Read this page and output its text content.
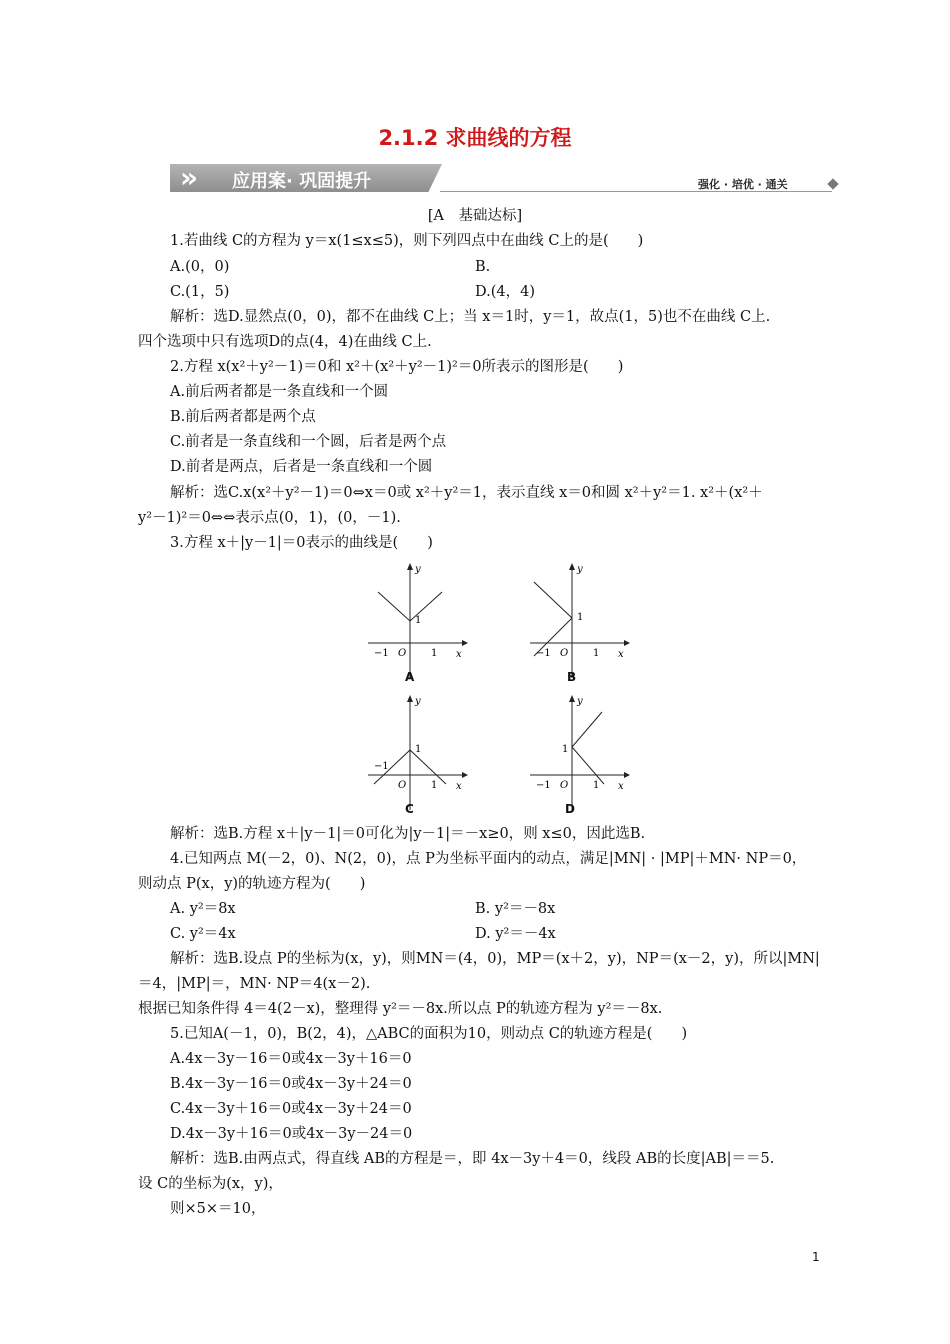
2.1.2 求曲线的方程
» 应用案· 巩固提升	强化 · 培优 · 通关
[A　基础达标]
1.若曲线 C的方程为 y＝x(1≤x≤5)，则下列四点中在曲线 C上的是(　　)
A.(0，0)	B.
C.(1，5)	D.(4，4)
解析：选D.显然点(0，0)，都不在曲线 C上；当 x＝1时，y＝1，故点(1，5)也不在曲线 C上.
四个选项中只有选项D的点(4，4)在曲线 C上.
2.方程 x(x²＋y²－1)＝0和 x²＋(x²＋y²－1)²＝0所表示的图形是(　　)
A.前后两者都是一条直线和一个圆
B.前后两者都是两个点
C.前者是一条直线和一个圆，后者是两个点
D.前者是两点，后者是一条直线和一个圆
解析：选C.x(x²＋y²－1)＝0⇔x＝0或 x²＋y²＝1，表示直线 x＝0和圆 x²＋y²＝1. x²＋(x²＋
y²－1)²＝0⇔⇔表示点(0，1)，(0，－1).
3.方程 x＋|y－1|＝0表示的曲线是(　　)
y
x
O
−1	1
1
A
y
x
O
−1	1
1
B
y
x
O
−1
1
1
C
y
x
O
−1	1
1
D
解析：选B.方程 x＋|y－1|＝0可化为|y－1|＝－x≥0，则 x≤0，因此选B.
4.已知两点 M(－2，0)、N(2，0)，点 P为坐标平面内的动点，满足|MN| · |MP|＋MN· NP＝0，
则动点 P(x，y)的轨迹方程为(　　)
A. y²＝8x	B. y²＝－8x
C. y²＝4x	D. y²＝－4x
解析：选B.设点 P的坐标为(x，y)，则MN＝(4，0)，MP＝(x＋2，y)，NP＝(x－2，y)，所以|MN|
＝4，|MP|＝，MN· NP＝4(x－2).
根据已知条件得 4＝4(2－x)，整理得 y²＝－8x.所以点 P的轨迹方程为 y²＝－8x.
5.已知A(－1，0)，B(2，4)，△ABC的面积为10，则动点 C的轨迹方程是(　　)
A.4x－3y－16＝0或4x－3y＋16＝0
B.4x－3y－16＝0或4x－3y＋24＝0
C.4x－3y＋16＝0或4x－3y＋24＝0
D.4x－3y＋16＝0或4x－3y－24＝0
解析：选B.由两点式，得直线 AB的方程是＝，即 4x－3y＋4＝0，线段 AB的长度|AB|＝＝5.
设 C的坐标为(x，y)，
则×5×＝10，
1
